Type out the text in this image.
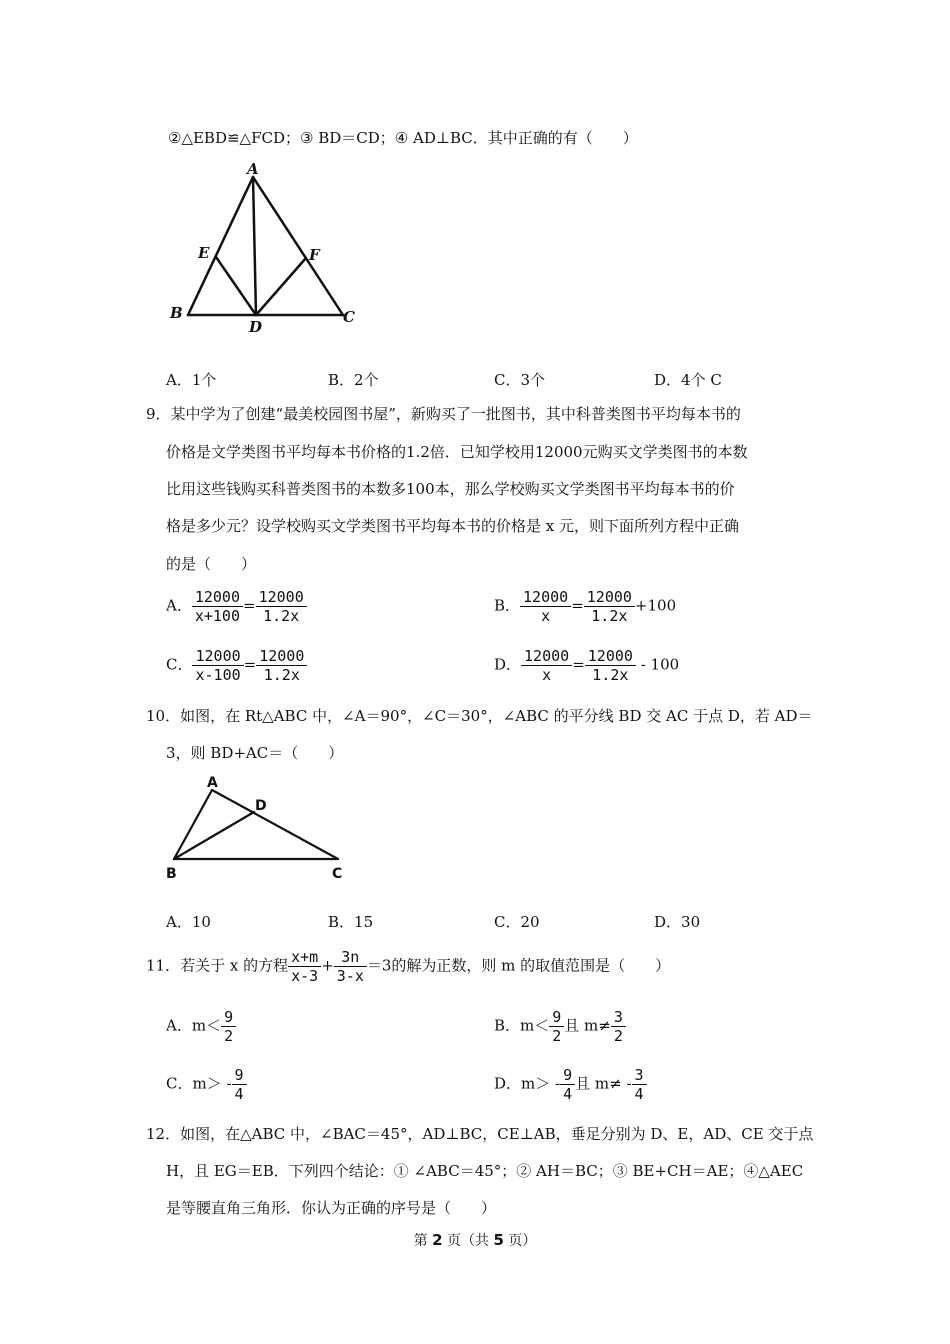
②△EBD≌△FCD；③ BD＝CD；④ AD⊥BC．其中正确的有（　　）
A
E	F
B
D
C
A．1个	B．2个	C．3个	D．4个 C
9．某中学为了创建“最美校园图书屋”，新购买了一批图书，其中科普类图书平均每本书的
价格是文学类图书平均每本书价格的1.2倍．已知学校用12000元购买文学类图书的本数
比用这些钱购买科普类图书的本数多100本，那么学校购买文学类图书平均每本书的价
格是多少元？设学校购买文学类图书平均每本书的价格是 x 元，则下面所列方程中正确
的是（　　）
A． $\frac{12000}{x+100} = \frac{12000}{1.2x}$	B． $\frac{12000}{x} = \frac{12000}{1.2x} +100$
C． $\frac{12000}{x-100} = \frac{12000}{1.2x}$	D． $\frac{12000}{x} = \frac{12000}{1.2x} - 100$
10．如图，在 Rt△ABC 中，∠A＝90°，∠C＝30°，∠ABC 的平分线 BD 交 AC 于点 D，若 AD＝
3，则 BD+AC＝（　　）
A
D
B	C
A．10	B．15	C．20	D．30
11．若关于 x 的方程 $\frac{x+m}{x-3} + \frac{3n}{3-x} =3$的解为正数，则 m 的取值范围是（　　）
A．$m< \frac{9}{2}$	B．$m< \frac{9}{2}$ 且 $m\ne \frac{3}{2}$
C．$m> - \frac{9}{4}$	D．$m> - \frac{9}{4}$ 且 $m\ne - \frac{3}{4}$
12．如图，在△ABC 中，∠BAC＝45°，AD⊥BC，CE⊥AB，垂足分别为 D、E，AD、CE 交于点
H，且 EG＝EB．下列四个结论：① ∠ABC＝45°；② AH＝BC；③ BE+CH＝AE；④△AEC
是等腰直角三角形．你认为正确的序号是（　　）
第 2 页（共 5 页）
